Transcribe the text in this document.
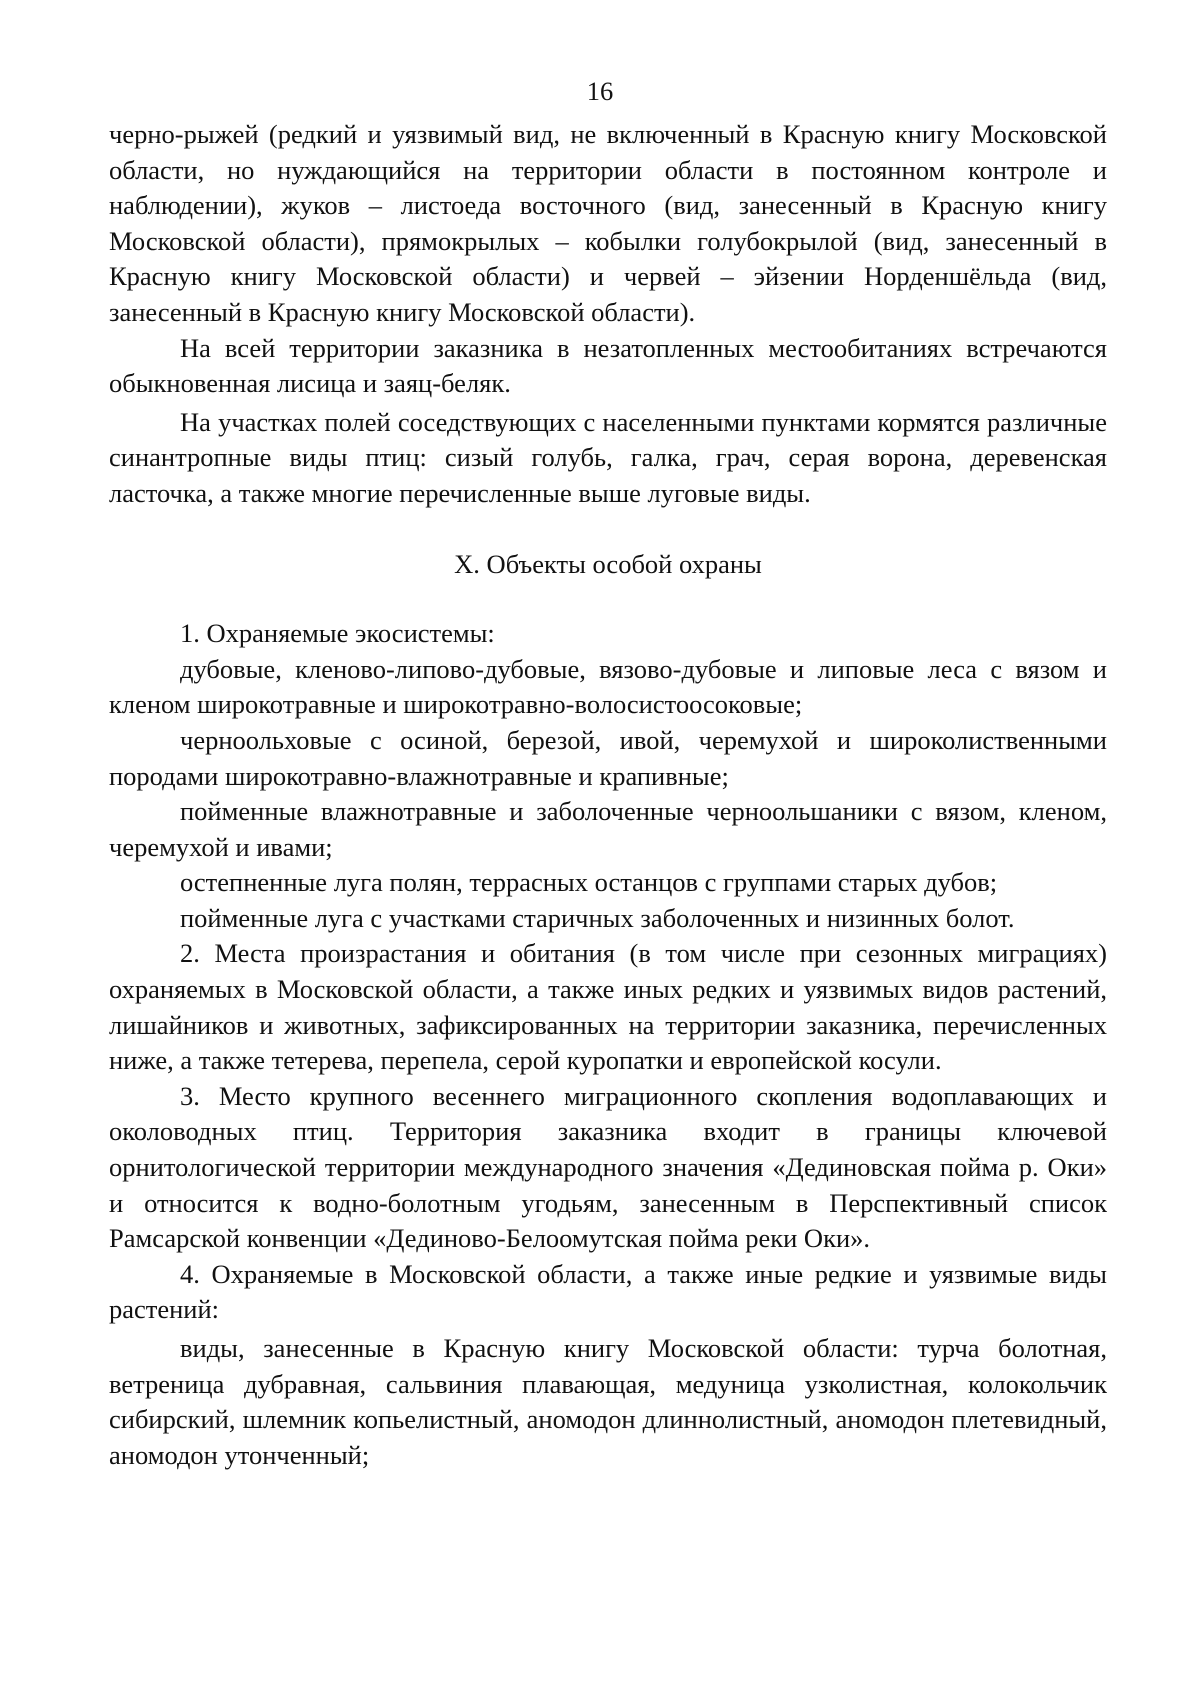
16

черно-рыжей (редкий и уязвимый вид, не включенный в Красную книгу Московской области, но нуждающийся на территории области в постоянном контроле и наблюдении), жуков – листоеда восточного (вид, занесенный в Красную книгу Московской области), прямокрылых – кобылки голубокрылой (вид, занесенный в Красную книгу Московской области) и червей – эйзении Норденшёльда (вид, занесенный в Красную книгу Московской области).

На всей территории заказника в незатопленных местообитаниях встречаются обыкновенная лисица и заяц-беляк.

На участках полей соседствующих с населенными пунктами кормятся различные синантропные виды птиц: сизый голубь, галка, грач, серая ворона, деревенская ласточка, а также многие перечисленные выше луговые виды.

X. Объекты особой охраны

1. Охраняемые экосистемы:

дубовые, кленово-липово-дубовые, вязово-дубовые и липовые леса с вязом и кленом широкотравные и широкотравно-волосистоосоковые;

черноольховые с осиной, березой, ивой, черемухой и широколиственными породами широкотравно-влажнотравные и крапивные;

пойменные влажнотравные и заболоченные черноольшаники с вязом, кленом, черемухой и ивами;

остепненные луга полян, террасных останцов с группами старых дубов;

пойменные луга с участками старичных заболоченных и низинных болот.

2. Места произрастания и обитания (в том числе при сезонных миграциях) охраняемых в Московской области, а также иных редких и уязвимых видов растений, лишайников и животных, зафиксированных на территории заказника, перечисленных ниже, а также тетерева, перепела, серой куропатки и европейской косули.

3. Место крупного весеннего миграционного скопления водоплавающих и околоводных птиц. Территория заказника входит в границы ключевой орнитологической территории международного значения «Дединовская пойма р. Оки» и относится к водно-болотным угодьям, занесенным в Перспективный список Рамсарской конвенции «Дединово-Белоомутская пойма реки Оки».

4. Охраняемые в Московской области, а также иные редкие и уязвимые виды растений:

виды, занесенные в Красную книгу Московской области: турча болотная, ветреница дубравная, сальвиния плавающая, медуница узколистная, колокольчик сибирский, шлемник копьелистный, аномодон длиннолистный, аномодон плетевидный, аномодон утонченный;
